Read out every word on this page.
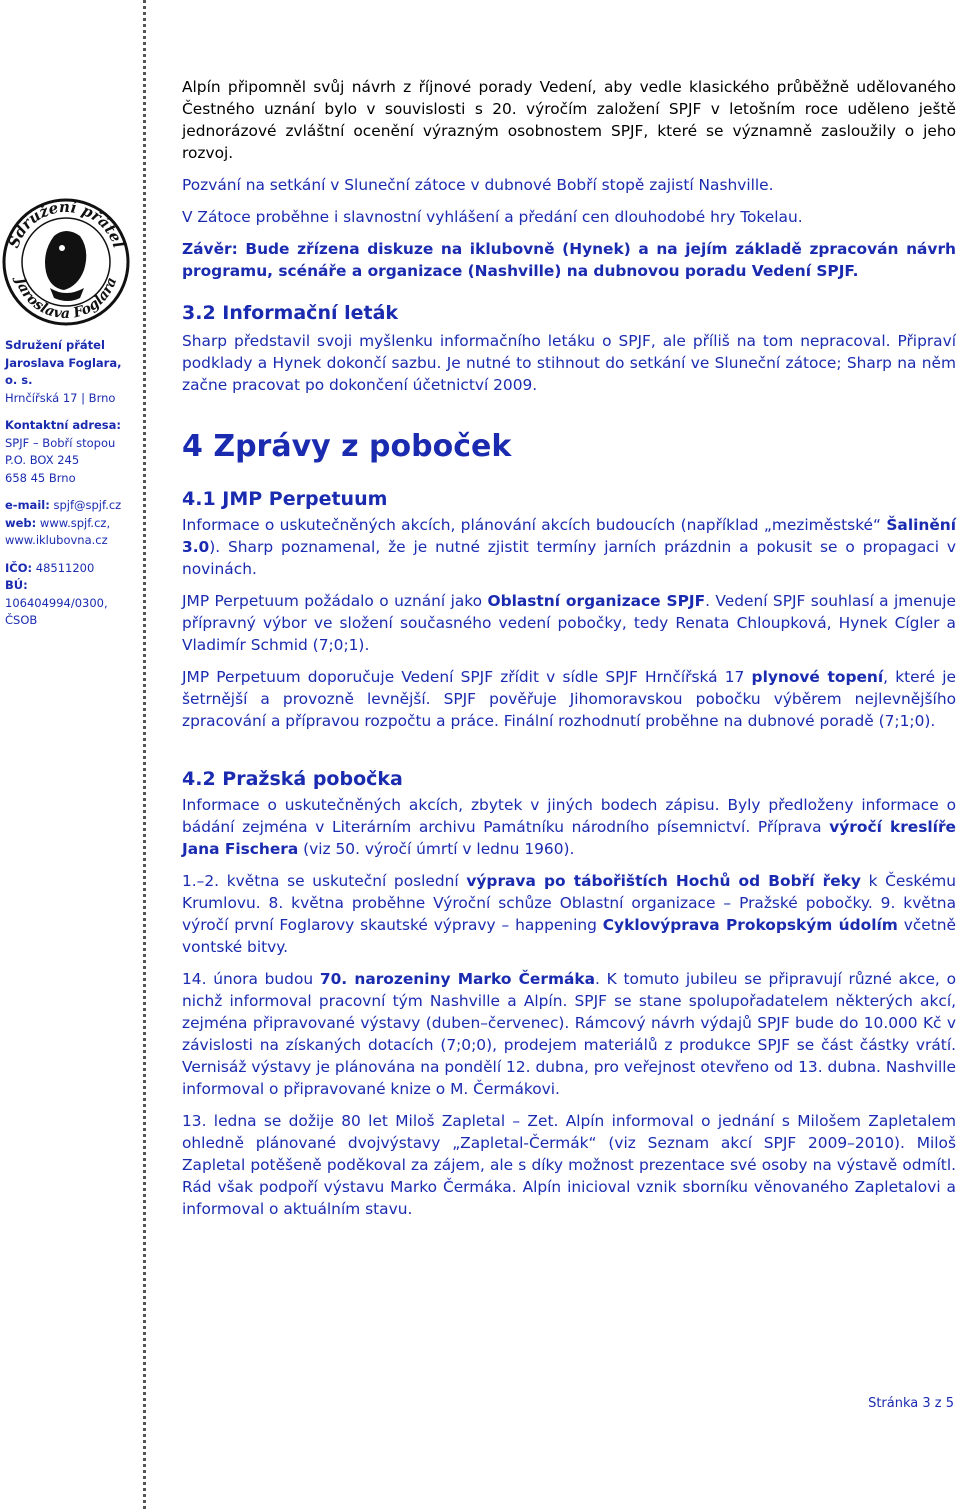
Sdružení přátel
Jaroslava Foglara
Sdružení přátel
Jaroslava Foglara, o. s.
Hrnčířská 17 | Brno
Kontaktní adresa:
SPJF – Bobří stopou
P.O. BOX 245
658 45 Brno
e-mail: spjf@spjf.cz
web: www.spjf.cz,
www.iklubovna.cz
IČO: 48511200
BÚ: 106404994/0300,
ČSOB

Alpín připomněl svůj návrh z říjnové porady Vedení, aby vedle klasického průběžně udělovaného Čestného uznání bylo v souvislosti s 20. výročím založení SPJF v letošním roce uděleno ještě jednorázové zvláštní ocenění výrazným osobnostem SPJF, které se významně zasloužily o jeho rozvoj.

Pozvání na setkání v Sluneční zátoce v dubnové Bobří stopě zajistí Nashville.

V Zátoce proběhne i slavnostní vyhlášení a předání cen dlouhodobé hry Tokelau.

Závěr: Bude zřízena diskuze na iklubovně (Hynek) a na jejím základě zpracován návrh programu, scénáře a organizace (Nashville) na dubnovou poradu Vedení SPJF.

3.2 Informační leták

Sharp představil svoji myšlenku informačního letáku o SPJF, ale příliš na tom nepracoval. Připraví podklady a Hynek dokončí sazbu. Je nutné to stihnout do setkání ve Sluneční zátoce; Sharp na něm začne pracovat po dokončení účetnictví 2009.

4 Zprávy z poboček

4.1 JMP Perpetuum

Informace o uskutečněných akcích, plánování akcích budoucích (například „meziměstské“ Šalinění 3.0). Sharp poznamenal, že je nutné zjistit termíny jarních prázdnin a pokusit se o propagaci v novinách.

JMP Perpetuum požádalo o uznání jako Oblastní organizace SPJF. Vedení SPJF souhlasí a jmenuje přípravný výbor ve složení současného vedení pobočky, tedy Renata Chloupková, Hynek Cígler a Vladimír Schmid (7;0;1).

JMP Perpetuum doporučuje Vedení SPJF zřídit v sídle SPJF Hrnčířská 17 plynové topení, které je šetrnější a provozně levnější. SPJF pověřuje Jihomoravskou pobočku výběrem nejlevnějšího zpracování a přípravou rozpočtu a práce. Finální rozhodnutí proběhne na dubnové poradě (7;1;0).

4.2 Pražská pobočka

Informace o uskutečněných akcích, zbytek v jiných bodech zápisu. Byly předloženy informace o bádání zejména v Literárním archivu Památníku národního písemnictví. Příprava výročí kreslíře Jana Fischera (viz 50. výročí úmrtí v lednu 1960).

1.–2. května se uskuteční poslední výprava po tábořištích Hochů od Bobří řeky k Českému Krumlovu. 8. května proběhne Výroční schůze Oblastní organizace – Pražské pobočky. 9. května výročí první Foglarovy skautské výpravy – happening Cyklovýprava Prokopským údolím včetně vontské bitvy.

14. února budou 70. narozeniny Marko Čermáka. K tomuto jubileu se připravují různé akce, o nichž informoval pracovní tým Nashville a Alpín. SPJF se stane spolupořadatelem některých akcí, zejména připravované výstavy (duben–červenec). Rámcový návrh výdajů SPJF bude do 10.000 Kč v závislosti na získaných dotacích (7;0;0), prodejem materiálů z produkce SPJF se část částky vrátí. Vernisáž výstavy je plánována na pondělí 12. dubna, pro veřejnost otevřeno od 13. dubna. Nashville informoval o připravované knize o M. Čermákovi.

13. ledna se dožije 80 let Miloš Zapletal – Zet. Alpín informoval o jednání s Milošem Zapletalem ohledně plánované dvojvýstavy „Zapletal-Čermák“ (viz Seznam akcí SPJF 2009–2010). Miloš Zapletal potěšeně poděkoval za zájem, ale s díky možnost prezentace své osoby na výstavě odmítl. Rád však podpoří výstavu Marko Čermáka. Alpín inicioval vznik sborníku věnovaného Zapletalovi a informoval o aktuálním stavu.

Stránka 3 z 5
